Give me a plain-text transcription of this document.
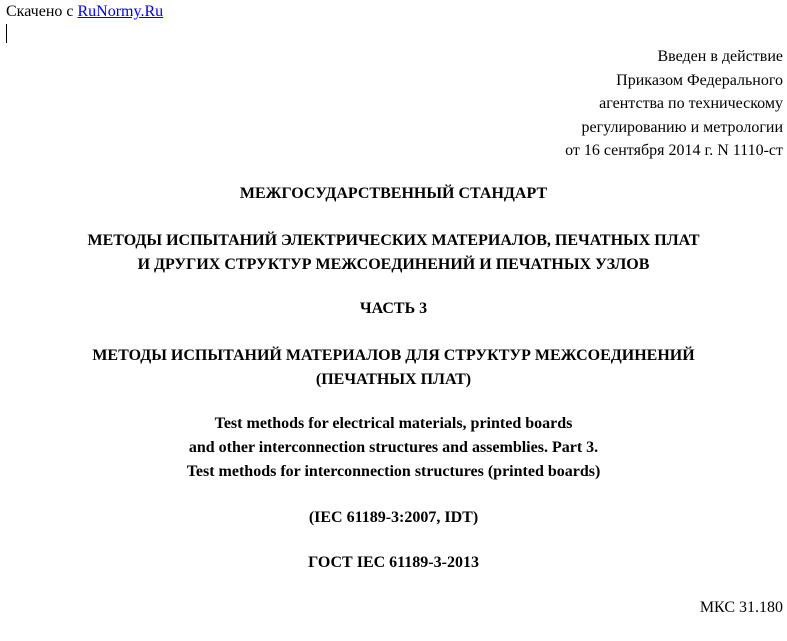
Скачено с RuNormy.Ru
Введен в действие
Приказом Федерального
агентства по техническому
регулированию и метрологии
от 16 сентября 2014 г. N 1110-ст
МЕЖГОСУДАРСТВЕННЫЙ СТАНДАРТ
МЕТОДЫ ИСПЫТАНИЙ ЭЛЕКТРИЧЕСКИХ МАТЕРИАЛОВ, ПЕЧАТНЫХ ПЛАТ
И ДРУГИХ СТРУКТУР МЕЖСОЕДИНЕНИЙ И ПЕЧАТНЫХ УЗЛОВ
ЧАСТЬ 3
МЕТОДЫ ИСПЫТАНИЙ МАТЕРИАЛОВ ДЛЯ СТРУКТУР МЕЖСОЕДИНЕНИЙ
(ПЕЧАТНЫХ ПЛАТ)
Test methods for electrical materials, printed boards
and other interconnection structures and assemblies. Part 3.
Test methods for interconnection structures (printed boards)
(IEC 61189-3:2007, IDT)
ГОСТ IEC 61189-3-2013
МКС 31.180
